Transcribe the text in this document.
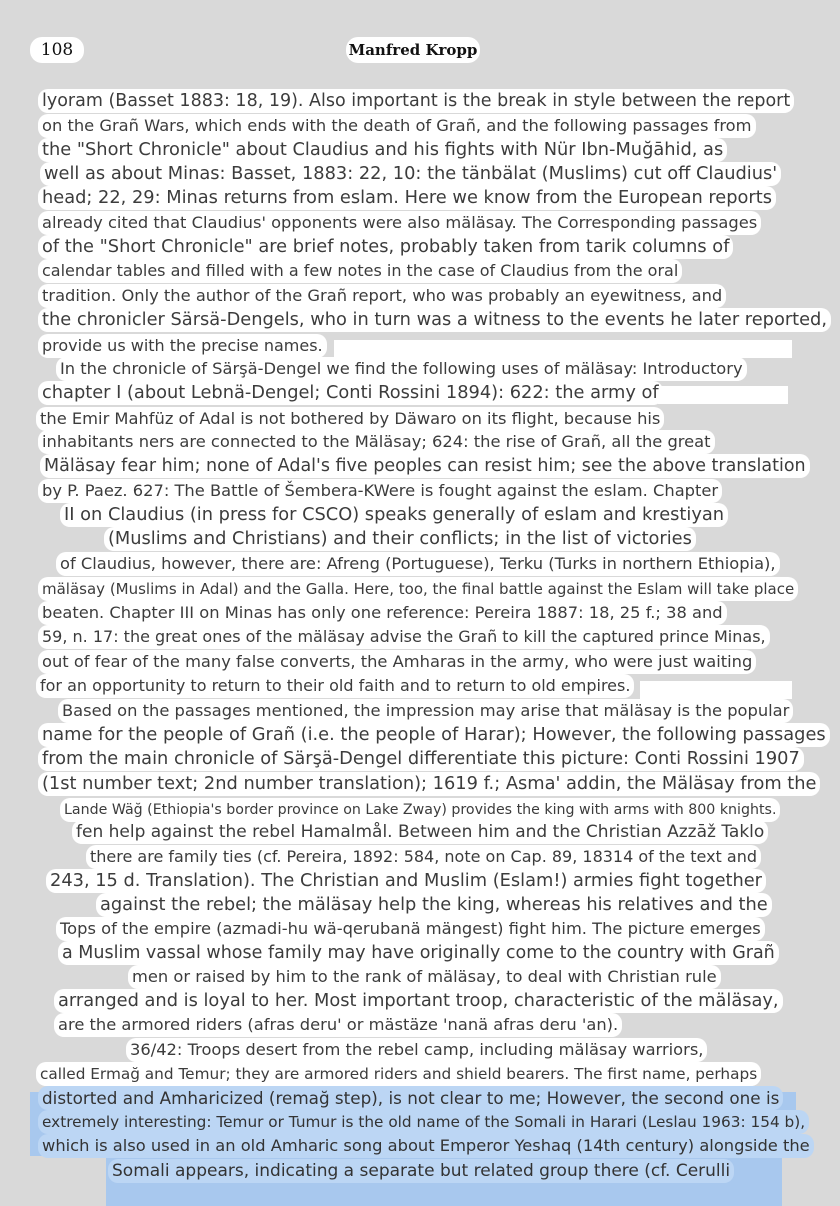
108	Manfred Kropp
lyoram (Basset 1883: 18, 19). Also important is the break in style between the report
on the Grañ Wars, which ends with the death of Grañ, and the following passages from
the "Short Chronicle" about Claudius and his fights with Nür Ibn-Muğāhid, as
well as about Minas: Basset, 1883: 22, 10: the tänbälat (Muslims) cut off Claudius'
head; 22, 29: Minas returns from eslam. Here we know from the European reports
already cited that Claudius' opponents were also mäläsay. The Corresponding passages
of the "Short Chronicle" are brief notes, probably taken from tarik columns of
calendar tables and filled with a few notes in the case of Claudius from the oral
tradition. Only the author of the Grañ report, who was probably an eyewitness, and
the chronicler Särsä-Dengels, who in turn was a witness to the events he later reported,
provide us with the precise names.
In the chronicle of Särşä-Dengel we find the following uses of mäläsay: Introductory
chapter I (about Lebnä-Dengel; Conti Rossini 1894): 622: the army of
the Emir Mahfüz of Adal is not bothered by Däwaro on its flight, because his
inhabitants ners are connected to the Mäläsay; 624: the rise of Grañ, all the great
Mäläsay fear him; none of Adal's five peoples can resist him; see the above translation
by P. Paez. 627: The Battle of Šembera-KWere is fought against the eslam. Chapter
II on Claudius (in press for CSCO) speaks generally of eslam and krestiyan
(Muslims and Christians) and their conflicts; in the list of victories
of Claudius, however, there are: Afreng (Portuguese), Terku (Turks in northern Ethiopia),
mäläsay (Muslims in Adal) and the Galla. Here, too, the final battle against the Eslam will take place
beaten. Chapter III on Minas has only one reference: Pereira 1887: 18, 25 f.; 38 and
59, n. 17: the great ones of the mäläsay advise the Grañ to kill the captured prince Minas,
out of fear of the many false converts, the Amharas in the army, who were just waiting
for an opportunity to return to their old faith and to return to old empires.
Based on the passages mentioned, the impression may arise that mäläsay is the popular
name for the people of Grañ (i.e. the people of Harar); However, the following passages
from the main chronicle of Särşä-Dengel differentiate this picture: Conti Rossini 1907
(1st number text; 2nd number translation); 1619 f.; Asma' addin, the Mäläsay from the
Lande Wäğ (Ethiopia's border province on Lake Zway) provides the king with arms with 800 knights.
fen help against the rebel Hamalmål. Between him and the Christian Azzāž Taklo
there are family ties (cf. Pereira, 1892: 584, note on Cap. 89, 18314 of the text and
243, 15 d. Translation). The Christian and Muslim (Eslam!) armies fight together
against the rebel; the mäläsay help the king, whereas his relatives and the
Tops of the empire (azmadi-hu wä-qerubanä mängest) fight him. The picture emerges
a Muslim vassal whose family may have originally come to the country with Grañ
men or raised by him to the rank of mäläsay, to deal with Christian rule
arranged and is loyal to her. Most important troop, characteristic of the mäläsay,
are the armored riders (afras deru' or mästäze 'nanä afras deru 'an).
36/42: Troops desert from the rebel camp, including mäläsay warriors,
called Ermağ and Temur; they are armored riders and shield bearers. The first name, perhaps
distorted and Amharicized (remağ step), is not clear to me; However, the second one is
extremely interesting: Temur or Tumur is the old name of the Somali in Harari (Leslau 1963: 154 b),
which is also used in an old Amharic song about Emperor Yeshaq (14th century) alongside the
Somali appears, indicating a separate but related group there (cf. Cerulli
